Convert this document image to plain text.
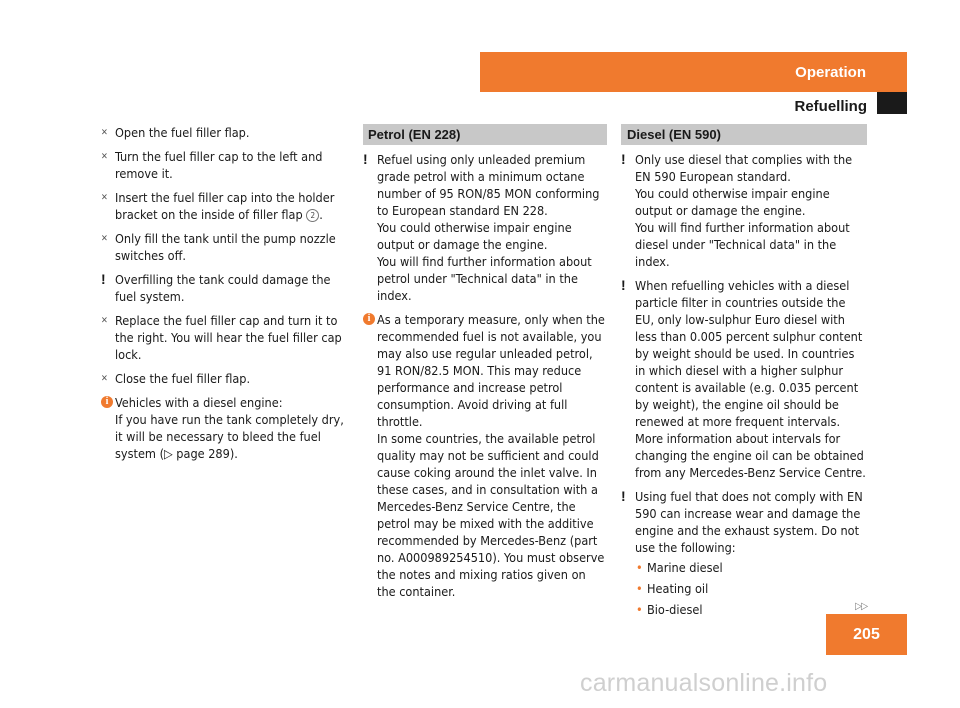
Operation
Refuelling
✕ Open the fuel filler flap.

✕ Turn the fuel filler cap to the left and remove it.

✕ Insert the fuel filler cap into the holder bracket on the inside of filler flap 2 .

✕ Only fill the tank until the pump nozzle switches off.

! Overfilling the tank could damage the fuel system.

✕ Replace the fuel filler cap and turn it to the right. You will hear the fuel filler cap lock.

✕ Close the fuel filler flap.

i Vehicles with a diesel engine:

If you have run the tank completely dry, it will be necessary to bleed the fuel system (▷ page 289).

Petrol (EN 228)
! Refuel using only unleaded premium grade petrol with a minimum octane number of 95 RON/85 MON conforming to European standard EN 228.

You could otherwise impair engine output or damage the engine.

You will find further information about petrol under "Technical data" in the index.

i As a temporary measure, only when the recommended fuel is not available, you may also use regular unleaded petrol, 91 RON/82.5 MON. This may reduce performance and increase petrol consumption. Avoid driving at full throttle.

In some countries, the available petrol quality may not be sufficient and could cause coking around the inlet valve. In these cases, and in consultation with a Mercedes-Benz Service Centre, the petrol may be mixed with the additive recommended by Mercedes-Benz (part no. A000989254510). You must observe the notes and mixing ratios given on the container.

Diesel (EN 590)
! Only use diesel that complies with the EN 590 European standard.

You could otherwise impair engine output or damage the engine.

You will find further information about diesel under "Technical data" in the index.

! When refuelling vehicles with a diesel particle filter in countries outside the EU, only low-sulphur Euro diesel with less than 0.005 percent sulphur content by weight should be used. In countries in which diesel with a higher sulphur content is available (e.g. 0.035 percent by weight), the engine oil should be renewed at more frequent intervals. More information about intervals for changing the engine oil can be obtained from any Mercedes-Benz Service Centre.

! Using fuel that does not comply with EN 590 can increase wear and damage the engine and the exhaust system. Do not use the following:

• Marine diesel
• Heating oil
• Bio-diesel	▷▷
205
carmanualsonline.info
